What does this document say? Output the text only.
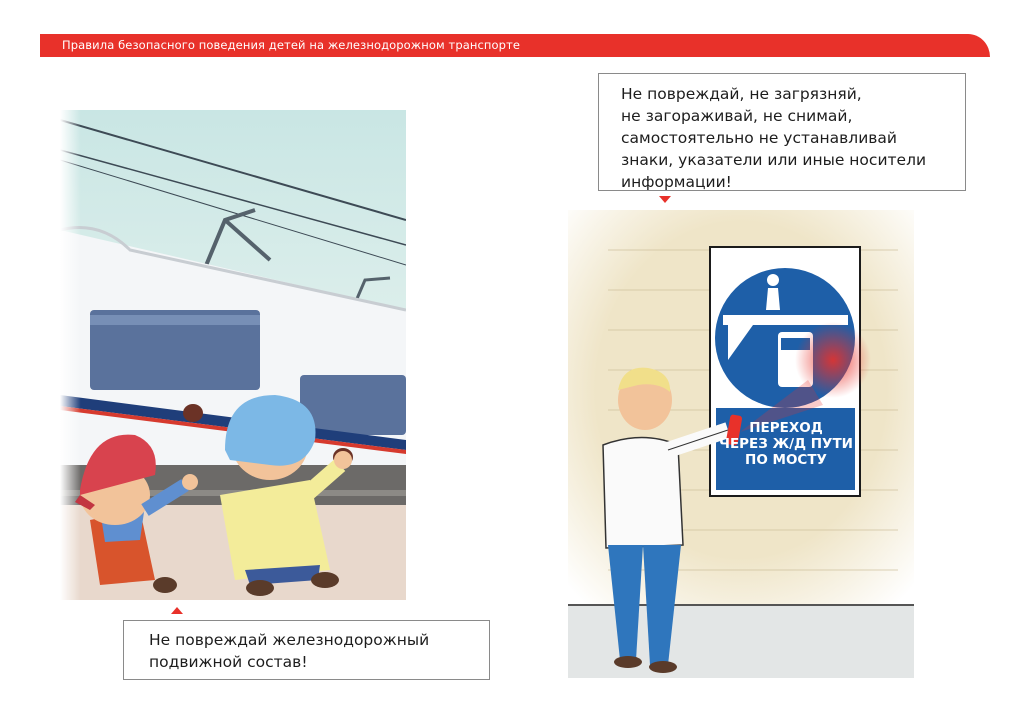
Правила безопасного поведения детей на железнодорожном транспорте
ПЕРЕХОД
ЧЕРЕЗ Ж/Д ПУТИ
ПО МОСТУ
Не повреждай, не загрязняй,
не загораживай, не снимай,
самостоятельно не устанавливай
знаки, указатели или иные носители
информации!
Не повреждай железнодорожный
подвижной состав!
